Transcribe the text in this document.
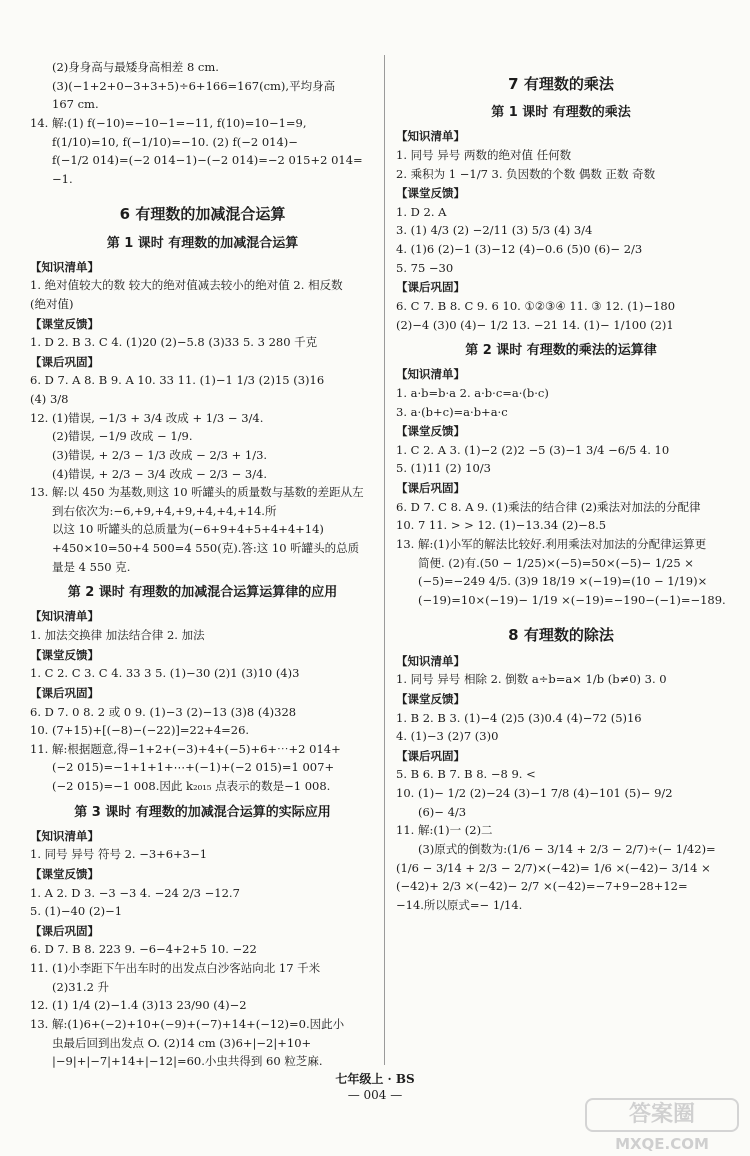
(2)身身高与最矮身高相差 8 cm.
(3)(−1+2+0−3+3+5)÷6+166=167(cm),平均身高
167 cm.
14. 解:(1) f(−10)=−10−1=−11, f(10)=10−1=9,
f(1/10)=10, f(−1/10)=−10. (2) f(−2 014)−
f(−1/2 014)=(−2 014−1)−(−2 014)=−2 015+2 014=
−1.
6 有理数的加减混合运算
第 1 课时 有理数的加减混合运算
【知识清单】
1. 绝对值较大的数 较大的绝对值减去较小的绝对值 2. 相反数
(绝对值)
【课堂反馈】
1. D 2. B 3. C 4. (1)20 (2)−5.8 (3)33 5. 3 280 千克
【课后巩固】
6. D 7. A 8. B 9. A 10. 33 11. (1)−1 1/3 (2)15 (3)16
(4) 3/8
12. (1)错误, −1/3 + 3/4 改成 + 1/3 − 3/4.
(2)错误, −1/9 改成 − 1/9.
(3)错误, + 2/3 − 1/3 改成 − 2/3 + 1/3.
(4)错误, + 2/3 − 3/4 改成 − 2/3 − 3/4.
13. 解:以 450 为基数,则这 10 听罐头的质量数与基数的差距从左
到右依次为:−6,+9,+4,+9,+4,+4,+14.所
以这 10 听罐头的总质量为(−6+9+4+5+4+4+14)
+450×10=50+4 500=4 550(克).答:这 10 听罐头的总质
量是 4 550 克.
第 2 课时 有理数的加减混合运算运算律的应用
【知识清单】
1. 加法交换律 加法结合律 2. 加法
【课堂反馈】
1. C 2. C 3. C 4. 33 3 5. (1)−30 (2)1 (3)10 (4)3
【课后巩固】
6. D 7. 0 8. 2 或 0 9. (1)−3 (2)−13 (3)8 (4)328
10. (7+15)+[(−8)−(−22)]=22+4=26.
11. 解:根据题意,得−1+2+(−3)+4+(−5)+6+⋯+2 014+
(−2 015)=−1+1+1+⋯+(−1)+(−2 015)=1 007+
(−2 015)=−1 008.因此 k₂₀₁₅ 点表示的数是−1 008.
第 3 课时 有理数的加减混合运算的实际应用
【知识清单】
1. 同号 异号 符号 2. −3+6+3−1
【课堂反馈】
1. A 2. D 3. −3 −3 4. −24 2/3 −12.7
5. (1)−40 (2)−1
【课后巩固】
6. D 7. B 8. 223 9. −6−4+2+5 10. −22
11. (1)小李距下午出车时的出发点白沙客站向北 17 千米
(2)31.2 升
12. (1) 1/4 (2)−1.4 (3)13 23/90 (4)−2
13. 解:(1)6+(−2)+10+(−9)+(−7)+14+(−12)=0.因此小
虫最后回到出发点 O. (2)14 cm (3)6+|−2|+10+
|−9|+|−7|+14+|−12|=60.小虫共得到 60 粒芝麻.
7 有理数的乘法
第 1 课时 有理数的乘法
【知识清单】
1. 同号 异号 两数的绝对值 任何数
2. 乘积为 1 −1/7 3. 负因数的个数 偶数 正数 奇数
【课堂反馈】
1. D 2. A
3. (1) 4/3 (2) −2/11 (3) 5/3 (4) 3/4
4. (1)6 (2)−1 (3)−12 (4)−0.6 (5)0 (6)− 2/3
5. 75 −30
【课后巩固】
6. C 7. B 8. C 9. 6 10. ①②③④ 11. ③ 12. (1)−180
(2)−4 (3)0 (4)− 1/2 13. −21 14. (1)− 1/100 (2)1
第 2 课时 有理数的乘法的运算律
【知识清单】
1. a·b=b·a 2. a·b·c=a·(b·c)
3. a·(b+c)=a·b+a·c
【课堂反馈】
1. C 2. A 3. (1)−2 (2)2 −5 (3)−1 3/4 −6/5 4. 10
5. (1)11 (2) 10/3
【课后巩固】
6. D 7. C 8. A 9. (1)乘法的结合律 (2)乘法对加法的分配律
10. 7 11. > > 12. (1)−13.34 (2)−8.5
13. 解:(1)小军的解法比较好.利用乘法对加法的分配律运算更
简便. (2)有.(50 − 1/25)×(−5)=50×(−5)− 1/25 ×
(−5)=−249 4/5. (3)9 18/19 ×(−19)=(10 − 1/19)×
(−19)=10×(−19)− 1/19 ×(−19)=−190−(−1)=−189.
8 有理数的除法
【知识清单】
1. 同号 异号 相除 2. 倒数 a÷b=a× 1/b (b≠0) 3. 0
【课堂反馈】
1. B 2. B 3. (1)−4 (2)5 (3)0.4 (4)−72 (5)16
4. (1)−3 (2)7 (3)0
【课后巩固】
5. B 6. B 7. B 8. −8 9. <
10. (1)− 1/2 (2)−24 (3)−1 7/8 (4)−101 (5)− 9/2
(6)− 4/3
11. 解:(1)一 (2)二
(3)原式的倒数为:(1/6 − 3/14 + 2/3 − 2/7)÷(− 1/42)=
(1/6 − 3/14 + 2/3 − 2/7)×(−42)= 1/6 ×(−42)− 3/14 ×
(−42)+ 2/3 ×(−42)− 2/7 ×(−42)=−7+9−28+12=
−14.所以原式=− 1/14.
七年级上 · BS
— 004 —
答案圈
MXQE.COM
